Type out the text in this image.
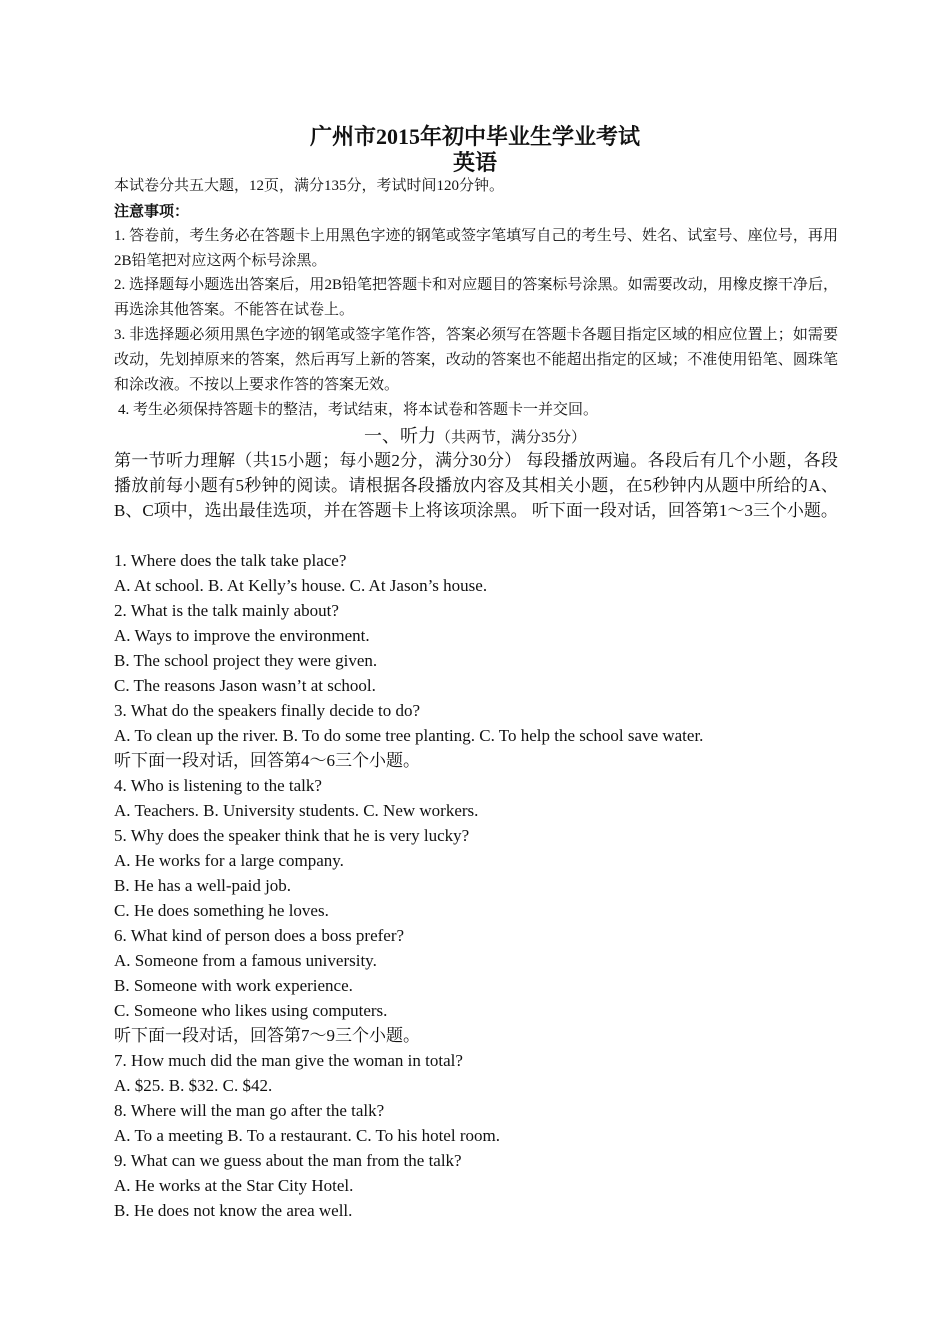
广州市2015年初中毕业生学业考试
英语
本试卷分共五大题，12页，满分135分，考试时间120分钟。
注意事项：
1. 答卷前，考生务必在答题卡上用黑色字迹的钢笔或签字笔填写自己的考生号、姓名、试室号、座位号，再用2B铅笔把对应这两个标号涂黑。
2. 选择题每小题选出答案后，用2B铅笔把答题卡和对应题目的答案标号涂黑。如需要改动，用橡皮擦干净后，再选涂其他答案。不能答在试卷上。
3. 非选择题必须用黑色字迹的钢笔或签字笔作答，答案必须写在答题卡各题目指定区域的相应位置上；如需要改动，先划掉原来的答案，然后再写上新的答案，改动的答案也不能超出指定的区域；不准使用铅笔、圆珠笔和涂改液。不按以上要求作答的答案无效。
4. 考生必须保持答题卡的整洁，考试结束，将本试卷和答题卡一并交回。
一、听力（共两节，满分35分）
第一节听力理解（共15小题；每小题2分，满分30分） 每段播放两遍。各段后有几个小题，各段播放前每小题有5秒钟的阅读。请根据各段播放内容及其相关小题，在5秒钟内从题中所给的A、B、C项中，选出最佳选项，并在答题卡上将该项涂黑。 听下面一段对话，回答第1～3三个小题。
1. Where does the talk take place?
A. At school. B. At Kelly’s house. C. At Jason’s house.
2. What is the talk mainly about?
A. Ways to improve the environment.
B. The school project they were given.
C. The reasons Jason wasn’t at school.
3. What do the speakers finally decide to do?
A. To clean up the river. B. To do some tree planting. C. To help the school save water.
听下面一段对话，回答第4～6三个小题。
4. Who is listening to the talk?
A. Teachers. B. University students. C. New workers.
5. Why does the speaker think that he is very lucky?
A. He works for a large company.
B. He has a well-paid job.
C. He does something he loves.
6. What kind of person does a boss prefer?
A. Someone from a famous university.
B. Someone with work experience.
C. Someone who likes using computers.
听下面一段对话，回答第7～9三个小题。
7. How much did the man give the woman in total?
A. $25. B. $32. C. $42.
8. Where will the man go after the talk?
A. To a meeting B. To a restaurant. C. To his hotel room.
9. What can we guess about the man from the talk?
A. He works at the Star City Hotel.
B. He does not know the area well.
